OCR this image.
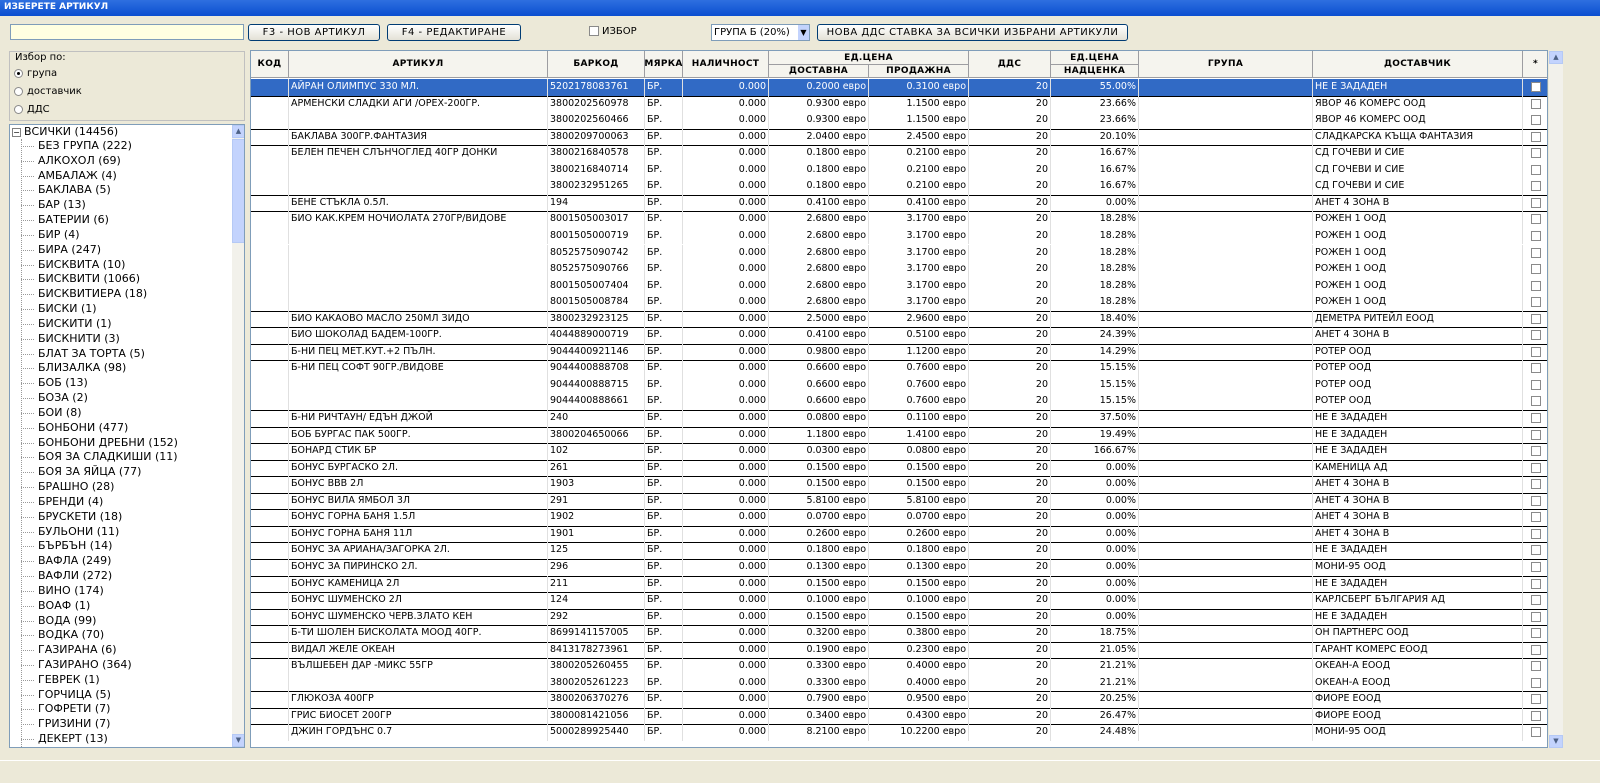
ИЗБЕРЕТЕ АРТИКУЛ
F3 - НОВ АРТИКУЛ	F4 - РЕДАКТИРАНЕ	ИЗБОР	ГРУПА Б (20%)	▼	НОВА ДДС СТАВКА ЗА ВСИЧКИ ИЗБРАНИ АРТИКУЛИ
Избор по:
група
доставчик
ДДС
− ВСИЧКИ (14456)
БЕЗ ГРУПА (222)
АЛКОХОЛ (69)
АМБАЛАЖ (4)
БАКЛАВА (5)
БАР (13)
БАТЕРИИ (6)
БИР (4)
БИРА (247)
БИСКВИТА (10)
БИСКВИТИ (1066)
БИСКВИТИЕРА (18)
БИСКИ (1)
БИСКИТИ (1)
БИСКНИТИ (3)
БЛАТ ЗА ТОРТА (5)
БЛИЗАЛКА (98)
БОБ (13)
БОЗА (2)
БОИ (8)
БОНБОНИ (477)
БОНБОНИ ДРЕБНИ (152)
БОЯ ЗА СЛАДКИШИ (11)
БОЯ ЗА ЯЙЦА (77)
БРАШНО (28)
БРЕНДИ (4)
БРУСКЕТИ (18)
БУЛЬОНИ (11)
БЪРБЪН (14)
ВАФЛА (249)
ВАФЛИ (272)
ВИНО (174)
ВОАФ (1)
ВОДА (99)
ВОДКА (70)
ГАЗИРАНА (6)
ГАЗИРАНО (364)
ГЕВРЕК (1)
ГОРЧИЦА (5)
ГОФРЕТИ (7)
ГРИЗИНИ (7)
ДЕКЕРТ (13)
▲
▼
КОД	АРТИКУЛ	БАРКОД	МЯРКА	НАЛИЧНОСТ
ЕД.ЦЕНА
ДОСТАВНА	ПРОДАЖНА
ДДС
ЕД.ЦЕНА
НАДЦЕНКА
ГРУПА	ДОСТАВЧИК	*
АЙРАН ОЛИМПУС 330 МЛ.	5202178083761	БР.	0.000	0.2000 евро	0.3100 евро	20	55.00%	НЕ Е ЗАДАДЕН
АРМЕНСКИ СЛАДКИ АГИ /ОРЕХ-200ГР.	3800202560978	БР.	0.000	0.9300 евро	1.1500 евро	20	23.66%	ЯВОР 46 КОМЕРС ООД
3800202560466	БР.	0.000	0.9300 евро	1.1500 евро	20	23.66%	ЯВОР 46 КОМЕРС ООД
БАКЛАВА 300ГР.ФАНТАЗИЯ	3800209700063	БР.	0.000	2.0400 евро	2.4500 евро	20	20.10%	СЛАДКАРСКА КЪЩА ФАНТАЗИЯ
БЕЛЕН ПЕЧЕН СЛЪНЧОГЛЕД 40ГР ДОНКИ	3800216840578	БР.	0.000	0.1800 евро	0.2100 евро	20	16.67%	СД ГОЧЕВИ И СИЕ
3800216840714	БР.	0.000	0.1800 евро	0.2100 евро	20	16.67%	СД ГОЧЕВИ И СИЕ
3800232951265	БР.	0.000	0.1800 евро	0.2100 евро	20	16.67%	СД ГОЧЕВИ И СИЕ
БЕНЕ СТЪКЛА 0.5Л.	194	БР.	0.000	0.4100 евро	0.4100 евро	20	0.00%	АНЕТ 4 ЗОНА В
БИО КАК.КРЕМ НОЧИОЛАТА 270ГР/ВИДОВЕ	8001505003017	БР.	0.000	2.6800 евро	3.1700 евро	20	18.28%	РОЖЕН 1 ООД
8001505000719	БР.	0.000	2.6800 евро	3.1700 евро	20	18.28%	РОЖЕН 1 ООД
8052575090742	БР.	0.000	2.6800 евро	3.1700 евро	20	18.28%	РОЖЕН 1 ООД
8052575090766	БР.	0.000	2.6800 евро	3.1700 евро	20	18.28%	РОЖЕН 1 ООД
8001505007404	БР.	0.000	2.6800 евро	3.1700 евро	20	18.28%	РОЖЕН 1 ООД
8001505008784	БР.	0.000	2.6800 евро	3.1700 евро	20	18.28%	РОЖЕН 1 ООД
БИО КАКАОВО МАСЛО 250МЛ ЗИДО	3800232923125	БР.	0.000	2.5000 евро	2.9600 евро	20	18.40%	ДЕМЕТРА РИТЕЙЛ ЕООД
БИО ШОКОЛАД БАДЕМ-100ГР.	4044889000719	БР.	0.000	0.4100 евро	0.5100 евро	20	24.39%	АНЕТ 4 ЗОНА В
Б-НИ ПЕЦ МЕТ.КУТ.+2 ПЪЛН.	9044400921146	БР.	0.000	0.9800 евро	1.1200 евро	20	14.29%	РОТЕР ООД
Б-НИ ПЕЦ СОФТ 90ГР./ВИДОВЕ	9044400888708	БР.	0.000	0.6600 евро	0.7600 евро	20	15.15%	РОТЕР ООД
9044400888715	БР.	0.000	0.6600 евро	0.7600 евро	20	15.15%	РОТЕР ООД
9044400888661	БР.	0.000	0.6600 евро	0.7600 евро	20	15.15%	РОТЕР ООД
Б-НИ РИЧТАУН/ ЕДЪН ДЖОЙ	240	БР.	0.000	0.0800 евро	0.1100 евро	20	37.50%	НЕ Е ЗАДАДЕН
БОБ БУРГАС ПАК 500ГР.	3800204650066	БР.	0.000	1.1800 евро	1.4100 евро	20	19.49%	НЕ Е ЗАДАДЕН
БОНАРД СТИК БР	102	БР.	0.000	0.0300 евро	0.0800 евро	20	166.67%	НЕ Е ЗАДАДЕН
БОНУС БУРГАСКО 2Л.	261	БР.	0.000	0.1500 евро	0.1500 евро	20	0.00%	КАМЕНИЦА АД
БОНУС ВВВ 2Л	1903	БР.	0.000	0.1500 евро	0.1500 евро	20	0.00%	АНЕТ 4 ЗОНА В
БОНУС ВИЛА ЯМБОЛ 3Л	291	БР.	0.000	5.8100 евро	5.8100 евро	20	0.00%	АНЕТ 4 ЗОНА В
БОНУС ГОРНА БАНЯ 1.5Л	1902	БР.	0.000	0.0700 евро	0.0700 евро	20	0.00%	АНЕТ 4 ЗОНА В
БОНУС ГОРНА БАНЯ 11Л	1901	БР.	0.000	0.2600 евро	0.2600 евро	20	0.00%	АНЕТ 4 ЗОНА В
БОНУС ЗА АРИАНА/ЗАГОРКА 2Л.	125	БР.	0.000	0.1800 евро	0.1800 евро	20	0.00%	НЕ Е ЗАДАДЕН
БОНУС ЗА ПИРИНСКО 2Л.	296	БР.	0.000	0.1300 евро	0.1300 евро	20	0.00%	МОНИ-95 ООД
БОНУС КАМЕНИЦА 2Л	211	БР.	0.000	0.1500 евро	0.1500 евро	20	0.00%	НЕ Е ЗАДАДЕН
БОНУС ШУМЕНСКО 2Л	124	БР.	0.000	0.1000 евро	0.1000 евро	20	0.00%	КАРЛСБЕРГ БЪЛГАРИЯ АД
БОНУС ШУМЕНСКО ЧЕРВ.ЗЛАТО КЕН	292	БР.	0.000	0.1500 евро	0.1500 евро	20	0.00%	НЕ Е ЗАДАДЕН
Б-ТИ ШОЛЕН БИСКОЛАТА МООД 40ГР.	8699141157005	БР.	0.000	0.3200 евро	0.3800 евро	20	18.75%	ОН ПАРТНЕРС ООД
ВИДАЛ ЖЕЛЕ ОКЕАН	8413178273961	БР.	0.000	0.1900 евро	0.2300 евро	20	21.05%	ГАРАНТ КОМЕРС ЕООД
ВЪЛШЕБЕН ДАР -МИКС 55ГР	3800205260455	БР.	0.000	0.3300 евро	0.4000 евро	20	21.21%	ОКЕАН-А ЕООД
3800205261223	БР.	0.000	0.3300 евро	0.4000 евро	20	21.21%	ОКЕАН-А ЕООД
ГЛЮКОЗА 400ГР	3800206370276	БР.	0.000	0.7900 евро	0.9500 евро	20	20.25%	ФИОРЕ ЕООД
ГРИС БИОСЕТ 200ГР	3800081421056	БР.	0.000	0.3400 евро	0.4300 евро	20	26.47%	ФИОРЕ ЕООД
ДЖИН ГОРДЪНС 0.7	5000289925440	БР.	0.000	8.2100 евро	10.2200 евро	20	24.48%	МОНИ-95 ООД
▲
▼
